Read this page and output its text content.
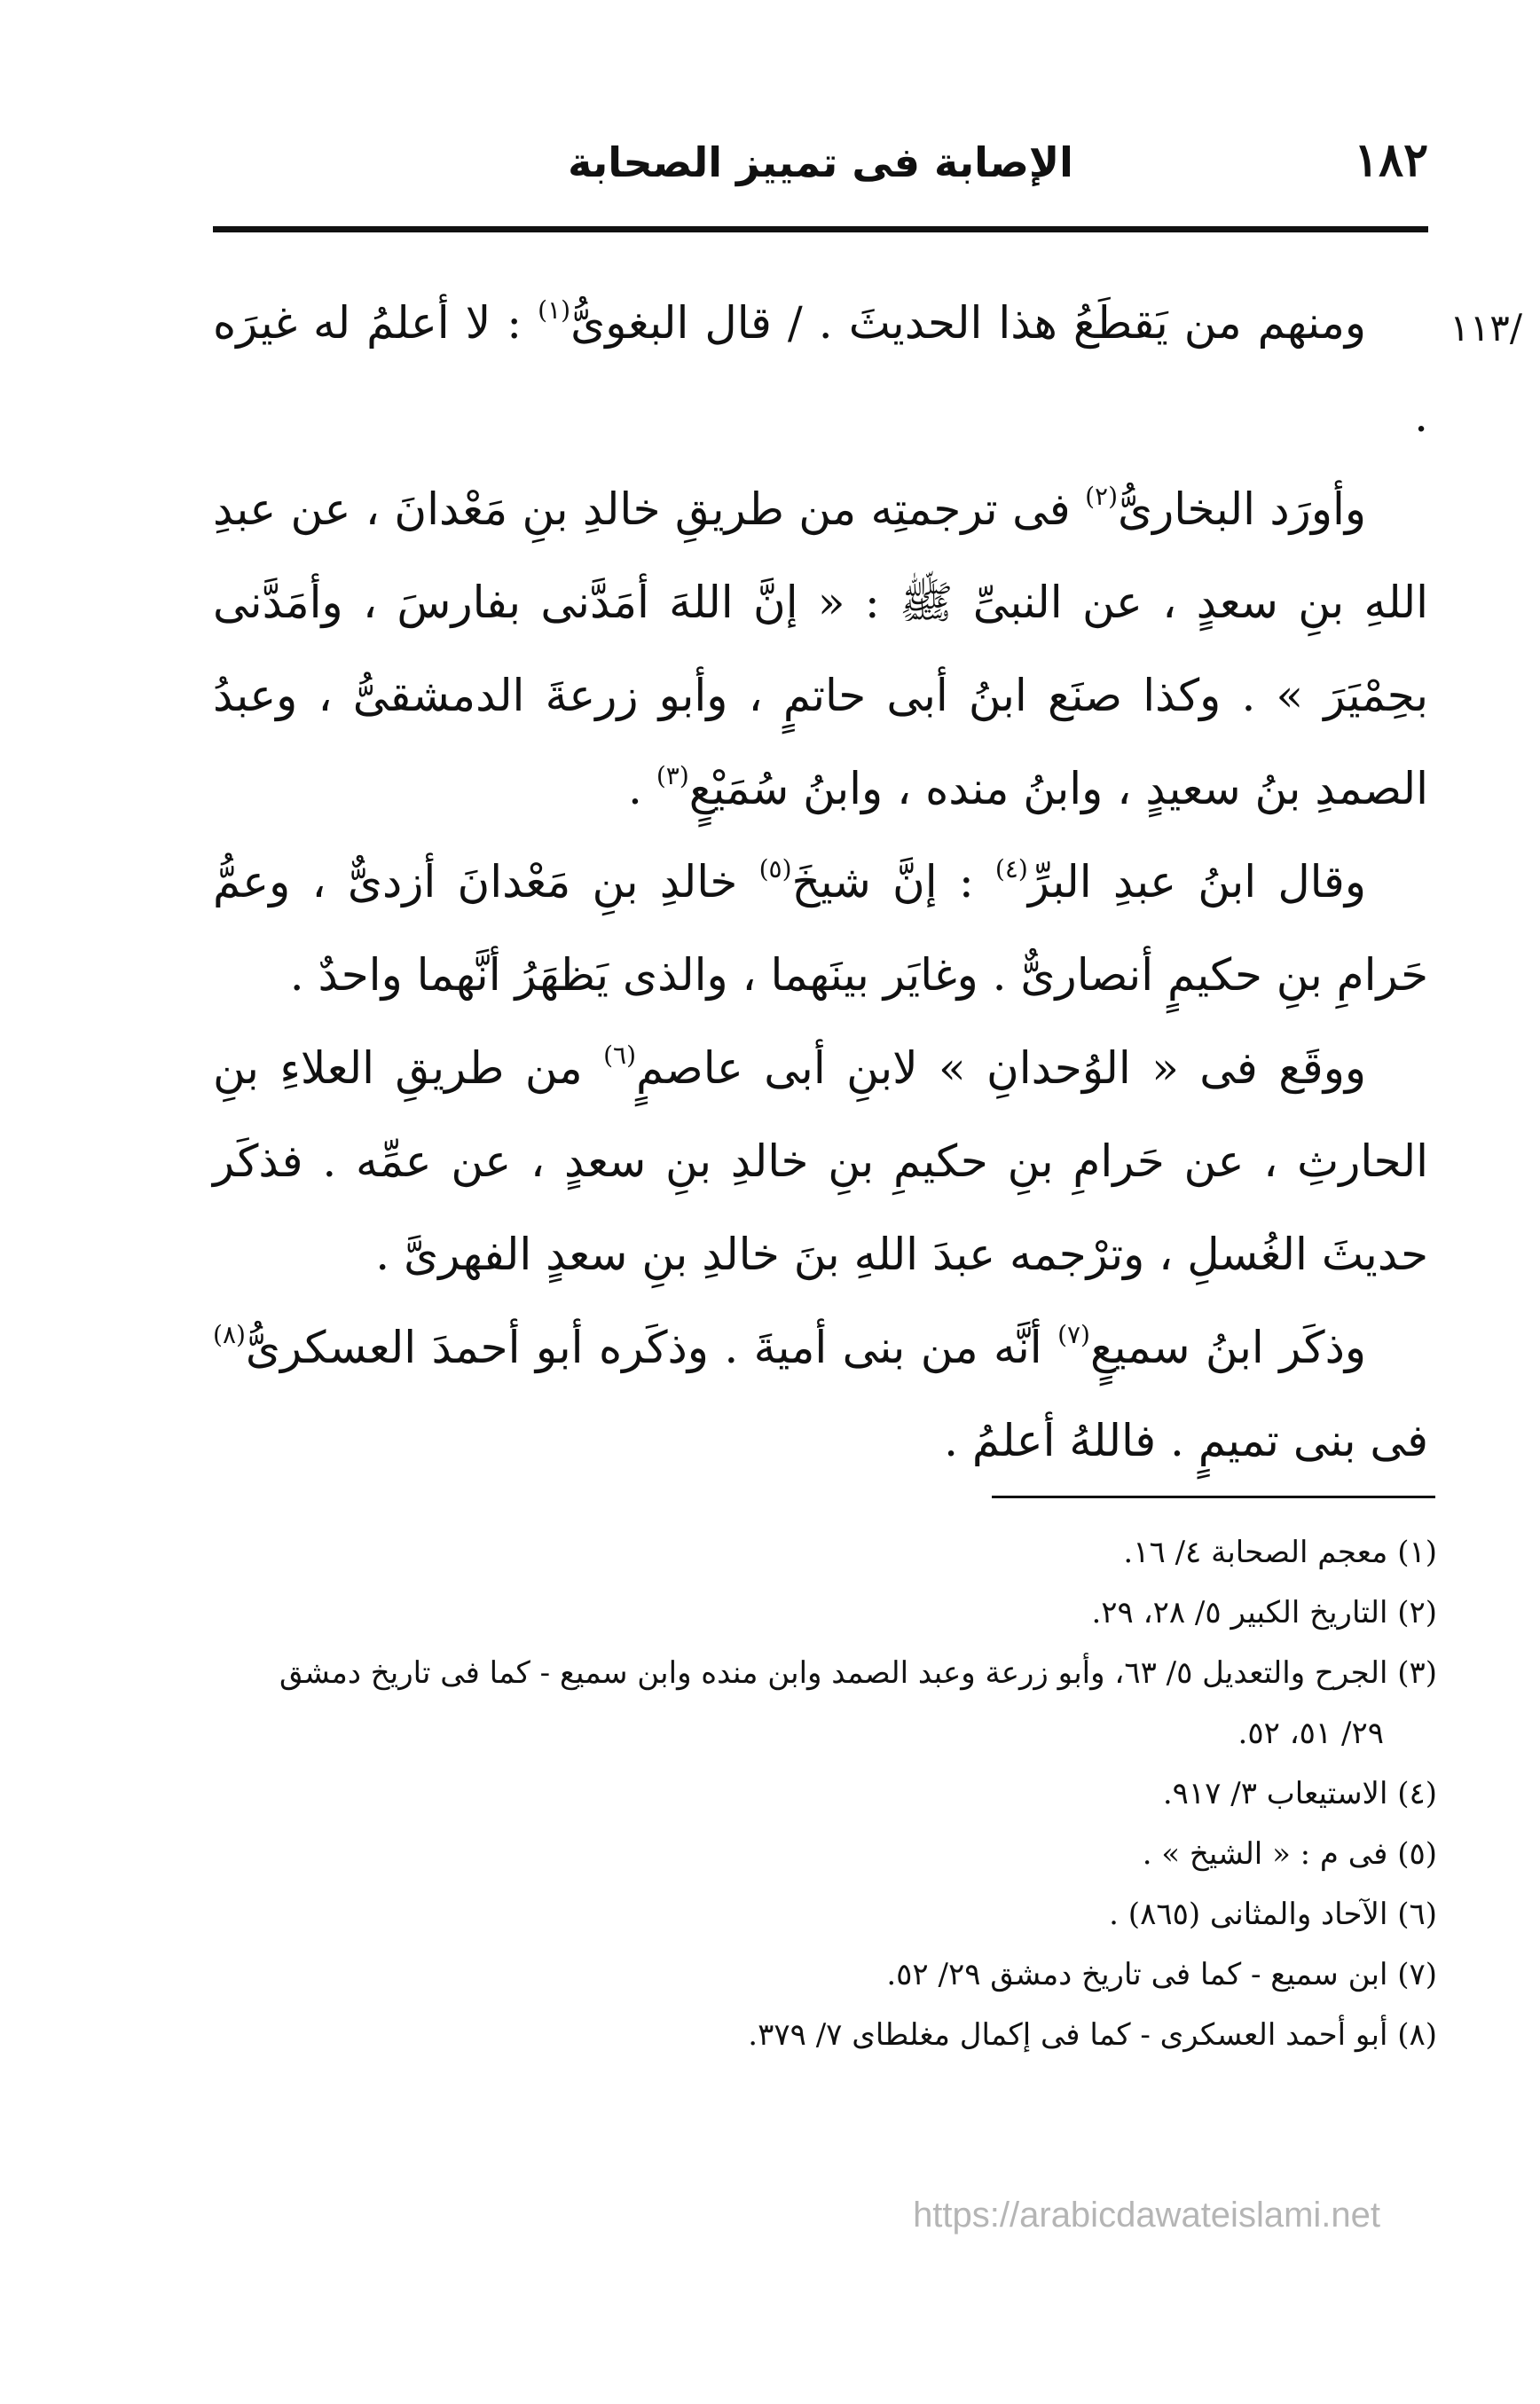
١٨٢
الإصابة فى تمييز الصحابة
١١٣/

ومنهم من يَقطَعُ هذا الحديثَ . / قال البغوىُّ$^{(١)}$ : لا أعلمُ له غيرَه .

وأورَد البخارىُّ$^{(٢)}$ فى ترجمتِه من طريقِ خالدِ بنِ مَعْدانَ ، عن عبدِ اللهِ بنِ سعدٍ ، عن النبىِّ ﷺ : « إنَّ اللهَ أمَدَّنى بفارسَ ، وأمَدَّنى بحِمْيَرَ » . وكذا صنَع ابنُ أبى حاتمٍ ، وأبو زرعةَ الدمشقىُّ ، وعبدُ الصمدِ بنُ سعيدٍ ، وابنُ منده ، وابنُ سُمَيْعٍ$^{(٣)}$ .

وقال ابنُ عبدِ البرِّ$^{(٤)}$ : إنَّ شيخَ$^{(٥)}$ خالدِ بنِ مَعْدانَ أزدىٌّ ، وعمُّ حَرامِ بنِ حكيمٍ أنصارىٌّ . وغايَر بينَهما ، والذى يَظهَرُ أنَّهما واحدٌ .

ووقَع فى « الوُحدانِ » لابنِ أبى عاصمٍ$^{(٦)}$ من طريقِ العلاءِ بنِ الحارثِ ، عن حَرامِ بنِ حكيمِ بنِ خالدِ بنِ سعدٍ ، عن عمِّه . فذكَر حديثَ الغُسلِ ، وترْجمه عبدَ اللهِ بنَ خالدِ بنِ سعدٍ الفهرىَّ .

وذكَر ابنُ سميعٍ$^{(٧)}$ أنَّه من بنى أميةَ . وذكَره أبو أحمدَ العسكرىُّ$^{(٨)}$ فى بنى تميمٍ . فاللهُ أعلمُ .

(١) معجم الصحابة ٤/ ١٦.
(٢) التاريخ الكبير ٥/ ٢٨، ٢٩.
(٣) الجرح والتعديل ٥/ ٦٣، وأبو زرعة وعبد الصمد وابن منده وابن سميع - كما فى تاريخ دمشق
٢٩/ ٥١، ٥٢.
(٤) الاستيعاب ٣/ ٩١٧.
(٥) فى م : « الشيخ » .
(٦) الآحاد والمثانى (٨٦٥) .
(٧) ابن سميع - كما فى تاريخ دمشق ٢٩/ ٥٢.
(٨) أبو أحمد العسكرى - كما فى إكمال مغلطاى ٧/ ٣٧٩.
https://arabicdawateislami.net
